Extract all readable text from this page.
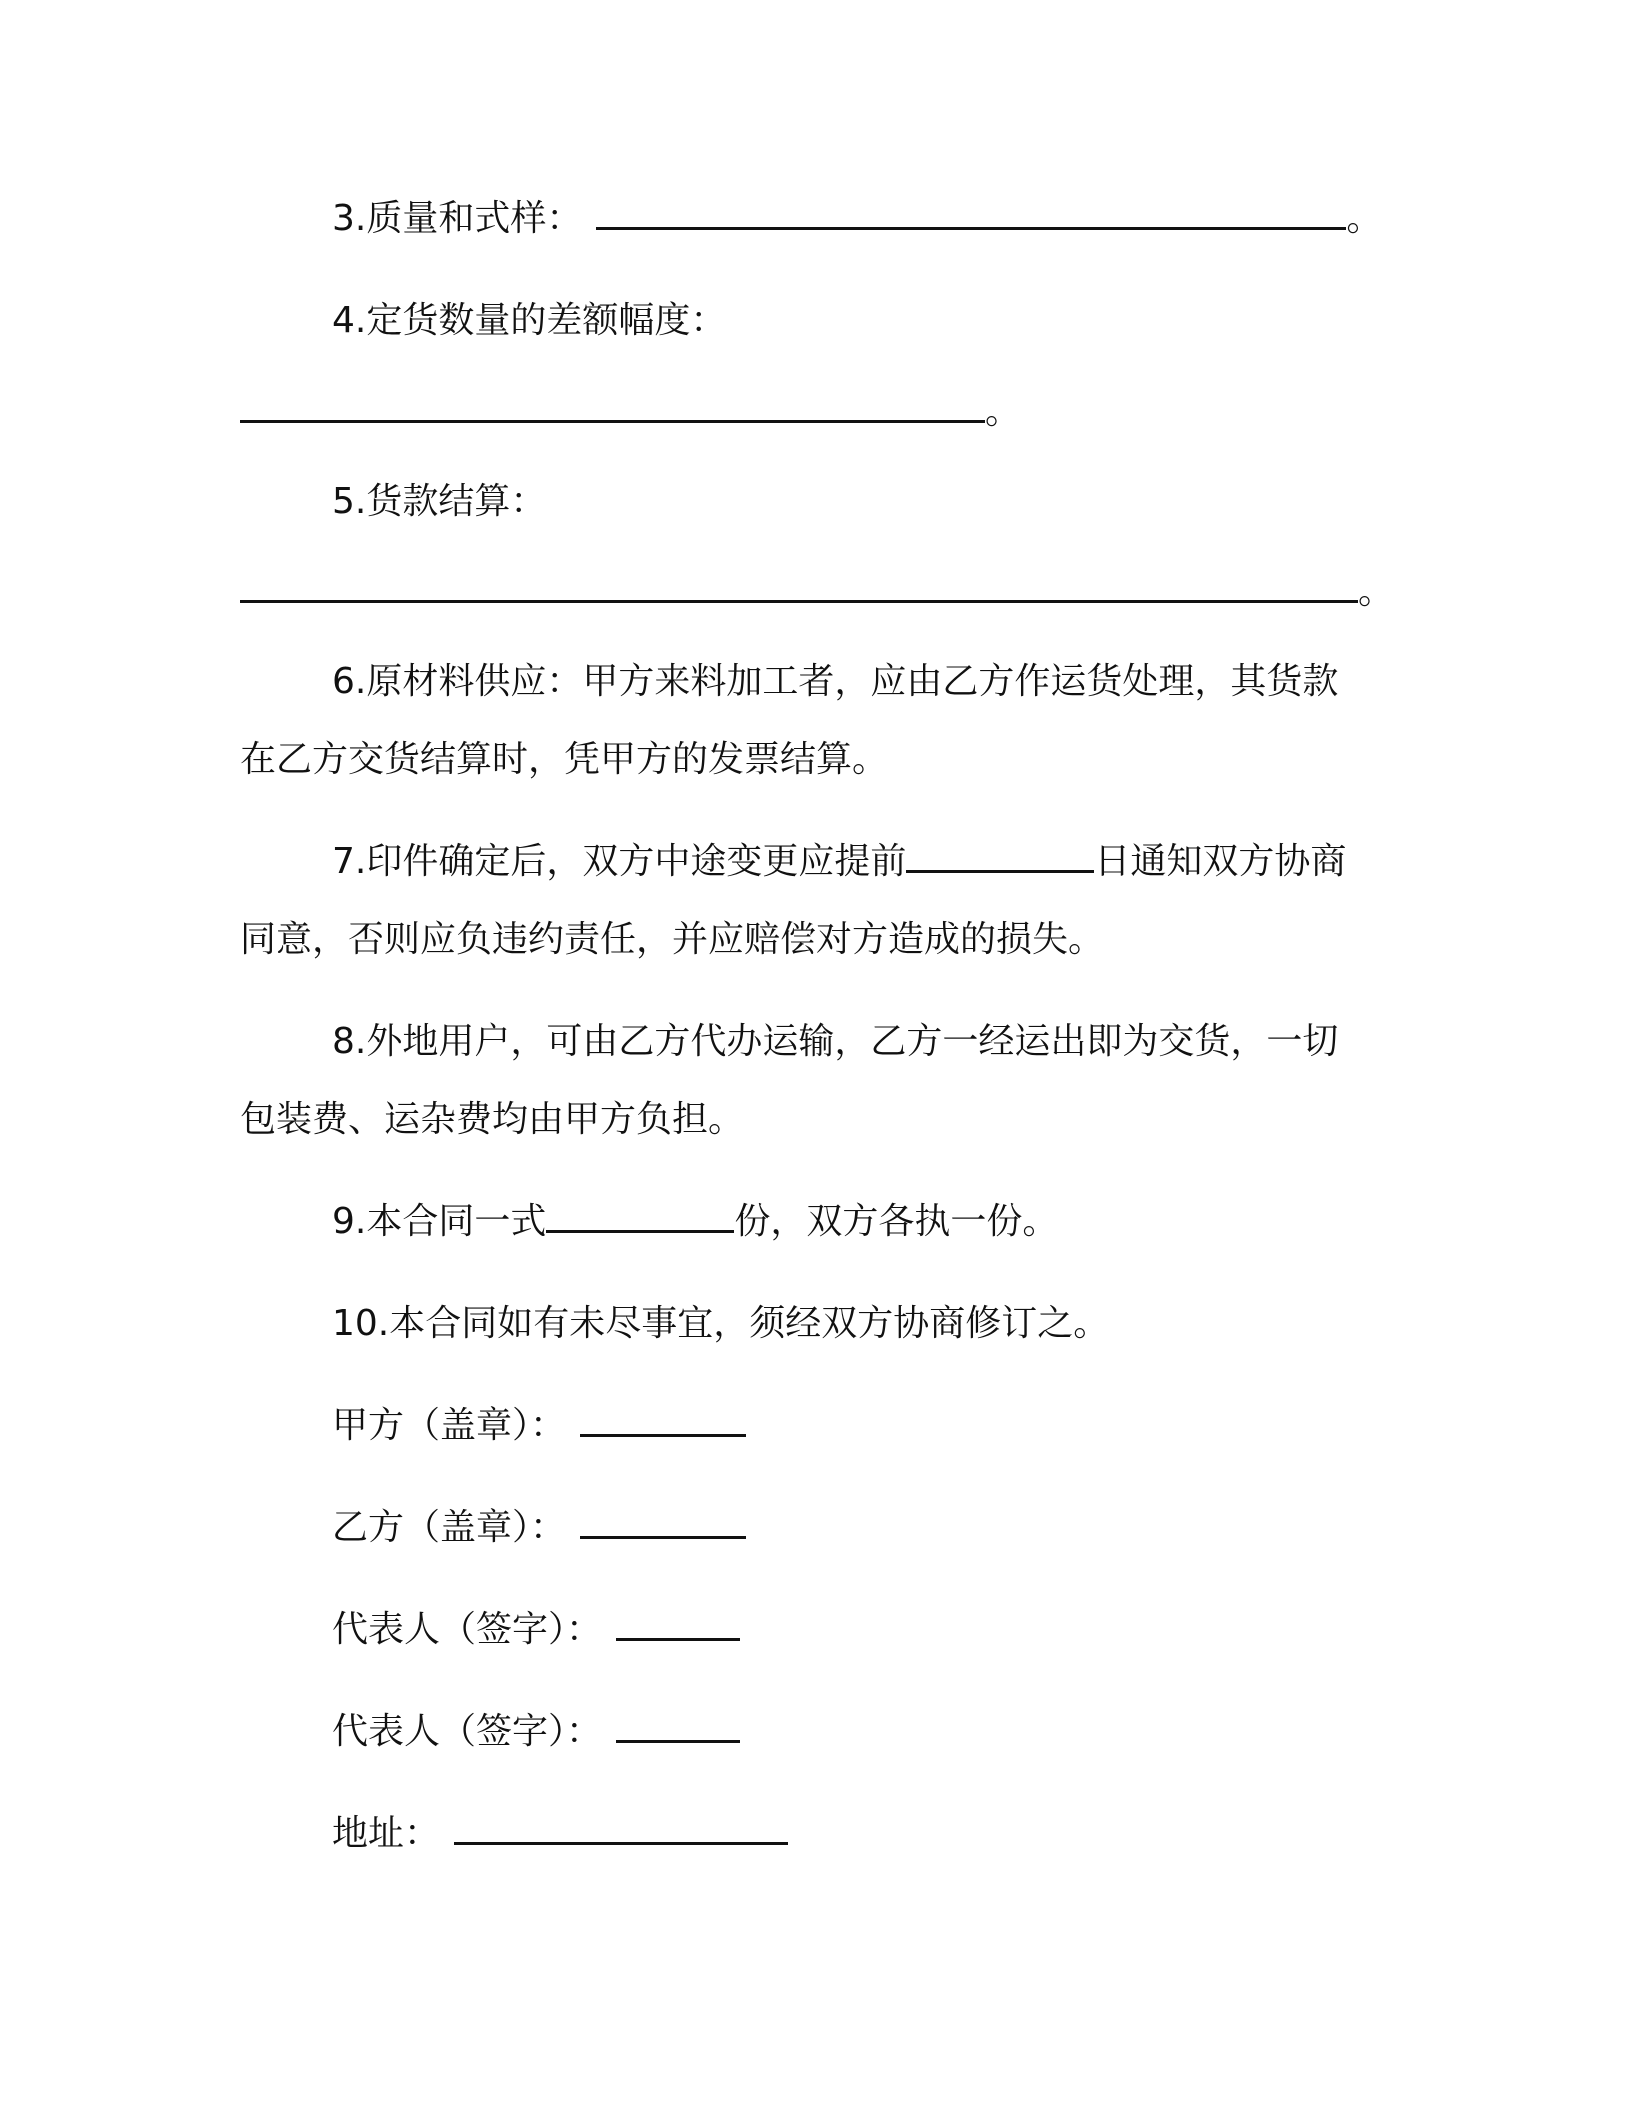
3.质量和式样：	。
4.定货数量的差额幅度：
。
5.货款结算：
。
6.原材料供应：甲方来料加工者，应由乙方作运货处理，其货款
在乙方交货结算时，凭甲方的发票结算。
7.印件确定后，双方中途变更应提前	日通知双方协商
同意，否则应负违约责任，并应赔偿对方造成的损失。
8.外地用户，可由乙方代办运输，乙方一经运出即为交货，一切
包装费、运杂费均由甲方负担。
9.本合同一式	份，双方各执一份。
10.本合同如有未尽事宜，须经双方协商修订之。
甲方（盖章）：
乙方（盖章）：
代表人（签字）：
代表人（签字）：
地址：
